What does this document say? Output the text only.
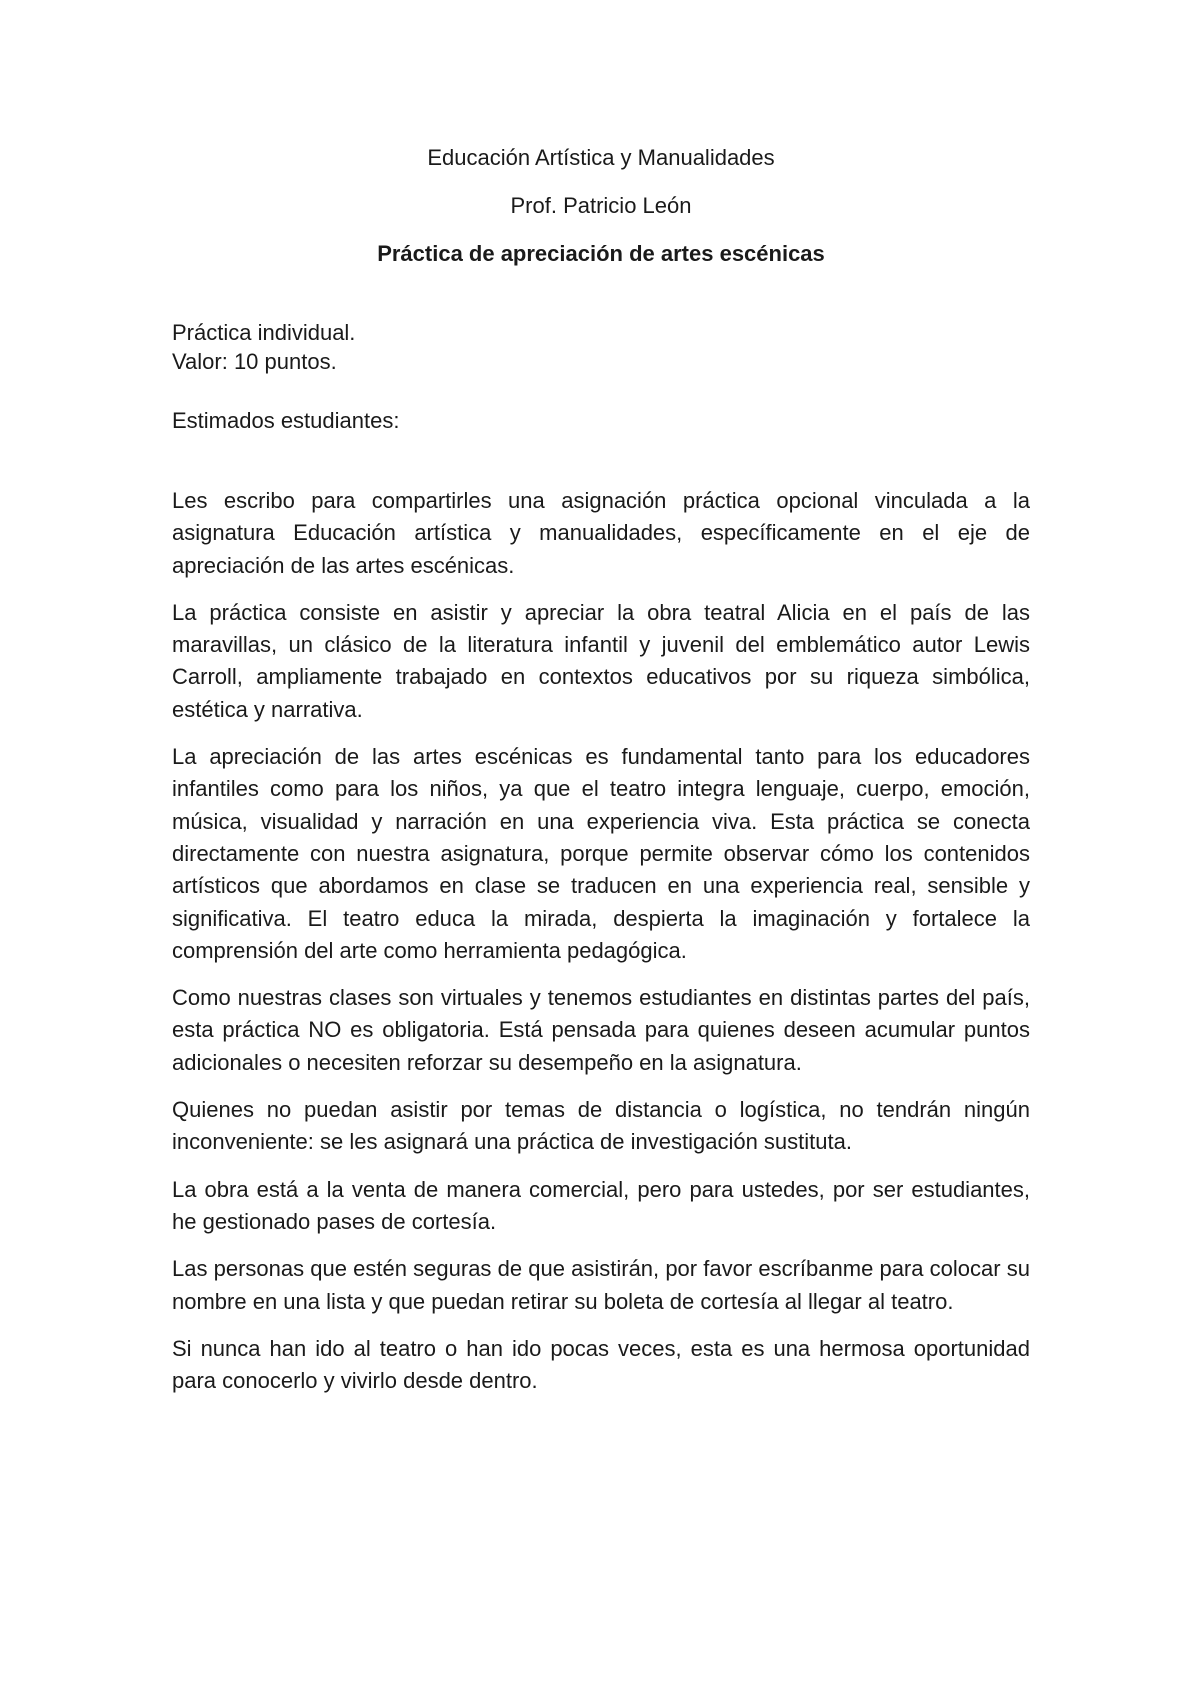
Educación Artística y Manualidades
Prof. Patricio León
Práctica de apreciación de artes escénicas
Práctica individual.
Valor: 10 puntos.
Estimados estudiantes:

Les escribo para compartirles una asignación práctica opcional vinculada a la asignatura Educación artística y manualidades, específicamente en el eje de apreciación de las artes escénicas.

La práctica consiste en asistir y apreciar la obra teatral Alicia en el país de las maravillas, un clásico de la literatura infantil y juvenil del emblemático autor Lewis Carroll, ampliamente trabajado en contextos educativos por su riqueza simbólica, estética y narrativa.

La apreciación de las artes escénicas es fundamental tanto para los educadores infantiles como para los niños, ya que el teatro integra lenguaje, cuerpo, emoción, música, visualidad y narración en una experiencia viva. Esta práctica se conecta directamente con nuestra asignatura, porque permite observar cómo los contenidos artísticos que abordamos en clase se traducen en una experiencia real, sensible y significativa. El teatro educa la mirada, despierta la imaginación y fortalece la comprensión del arte como herramienta pedagógica.

Como nuestras clases son virtuales y tenemos estudiantes en distintas partes del país, esta práctica NO es obligatoria. Está pensada para quienes deseen acumular puntos adicionales o necesiten reforzar su desempeño en la asignatura.

Quienes no puedan asistir por temas de distancia o logística, no tendrán ningún inconveniente: se les asignará una práctica de investigación sustituta.

La obra está a la venta de manera comercial, pero para ustedes, por ser estudiantes, he gestionado pases de cortesía.

Las personas que estén seguras de que asistirán, por favor escríbanme para colocar su nombre en una lista y que puedan retirar su boleta de cortesía al llegar al teatro.

Si nunca han ido al teatro o han ido pocas veces, esta es una hermosa oportunidad para conocerlo y vivirlo desde dentro.
